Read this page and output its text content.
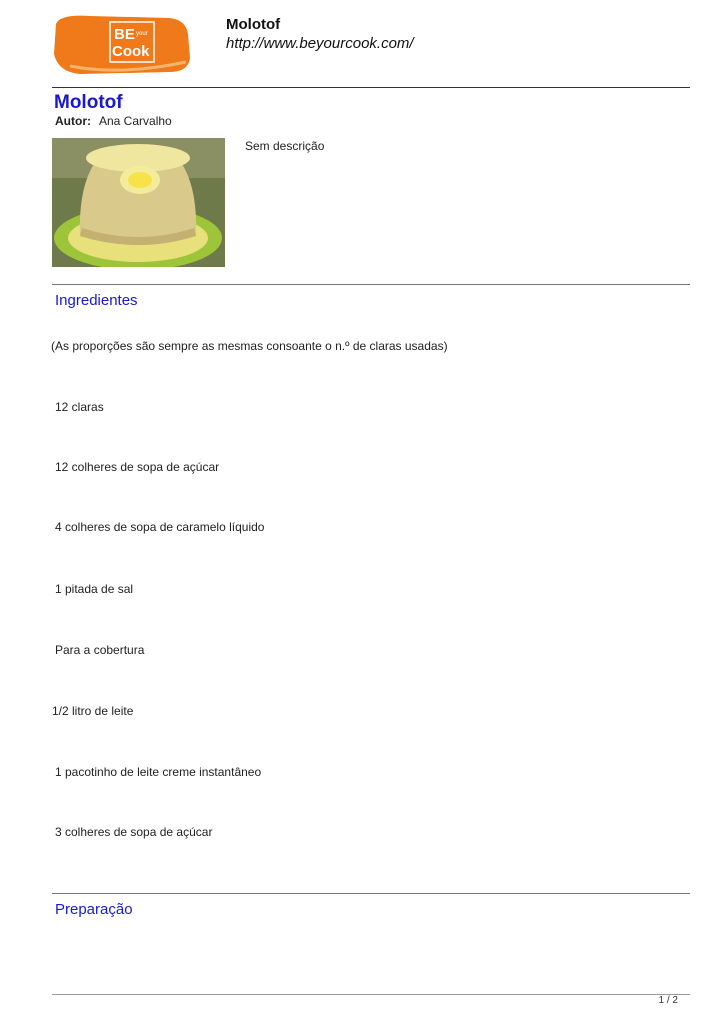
BE your
Cook
Molotof
http://www.beyourcook.com/
Molotof
Autor: Ana Carvalho
Sem descrição
Ingredientes
(As proporções são sempre as mesmas consoante o n.º de claras usadas)
12 claras
12 colheres de sopa de açúcar
4 colheres de sopa de caramelo líquido
1 pitada de sal
Para a cobertura
1/2 litro de leite
1 pacotinho de leite creme instantâneo
3 colheres de sopa de açúcar
Preparação
1 / 2
